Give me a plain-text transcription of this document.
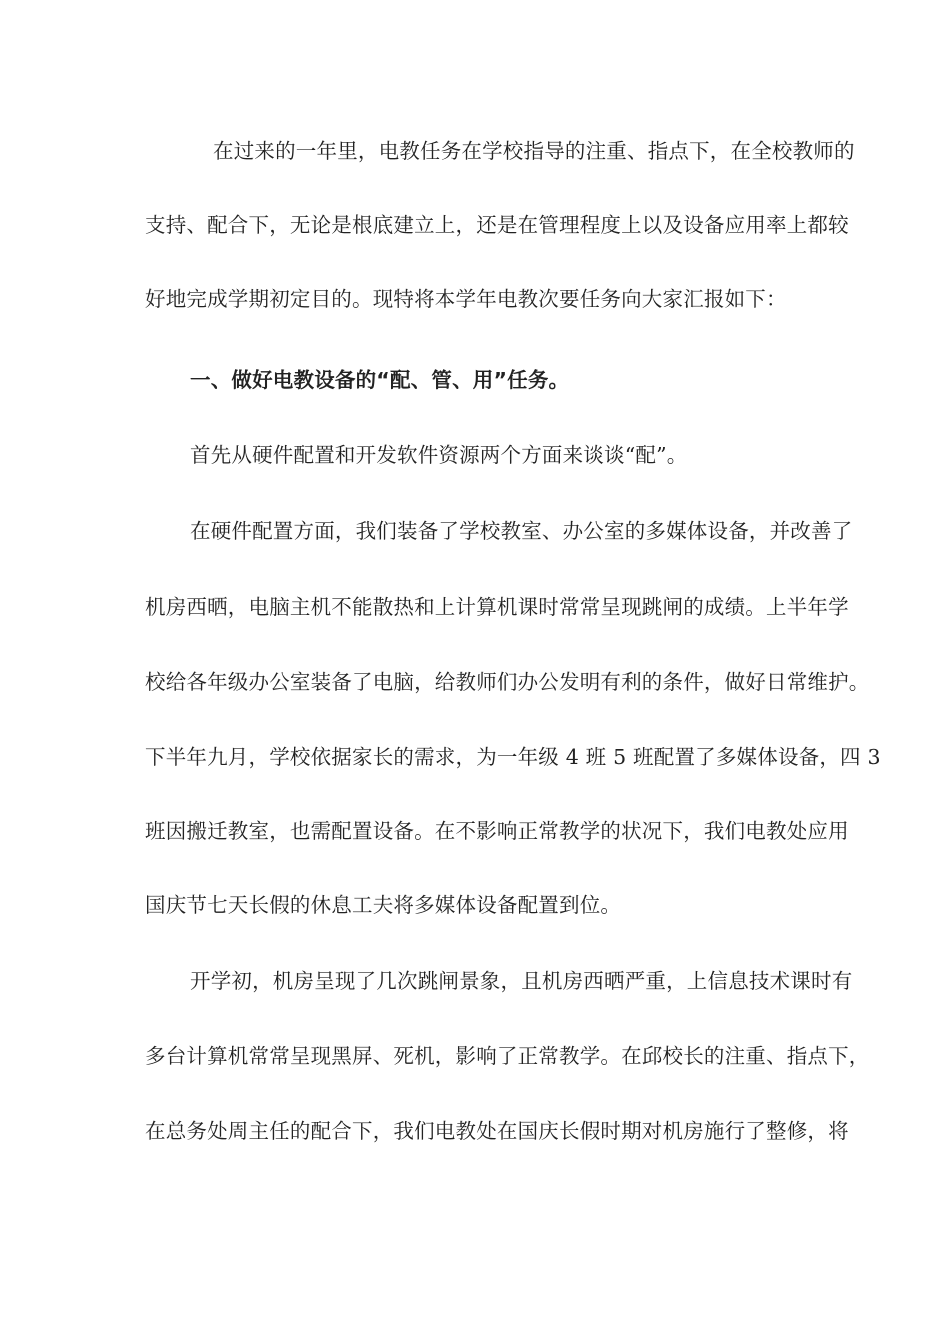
在过来的一年里，电教任务在学校指导的注重、指点下，在全校教师的
支持、配合下，无论是根底建立上，还是在管理程度上以及设备应用率上都较
好地完成学期初定目的。现特将本学年电教次要任务向大家汇报如下：
一、做好电教设备的“配、管、用”任务。
首先从硬件配置和开发软件资源两个方面来谈谈“配”。
在硬件配置方面，我们装备了学校教室、办公室的多媒体设备，并改善了
机房西晒，电脑主机不能散热和上计算机课时常常呈现跳闸的成绩。上半年学
校给各年级办公室装备了电脑，给教师们办公发明有利的条件，做好日常维护。
下半年九月，学校依据家长的需求，为一年级 4 班 5 班配置了多媒体设备，四 3
班因搬迁教室，也需配置设备。在不影响正常教学的状况下，我们电教处应用
国庆节七天长假的休息工夫将多媒体设备配置到位。
开学初，机房呈现了几次跳闸景象，且机房西晒严重，上信息技术课时有
多台计算机常常呈现黑屏、死机，影响了正常教学。在邱校长的注重、指点下，
在总务处周主任的配合下，我们电教处在国庆长假时期对机房施行了整修，将
